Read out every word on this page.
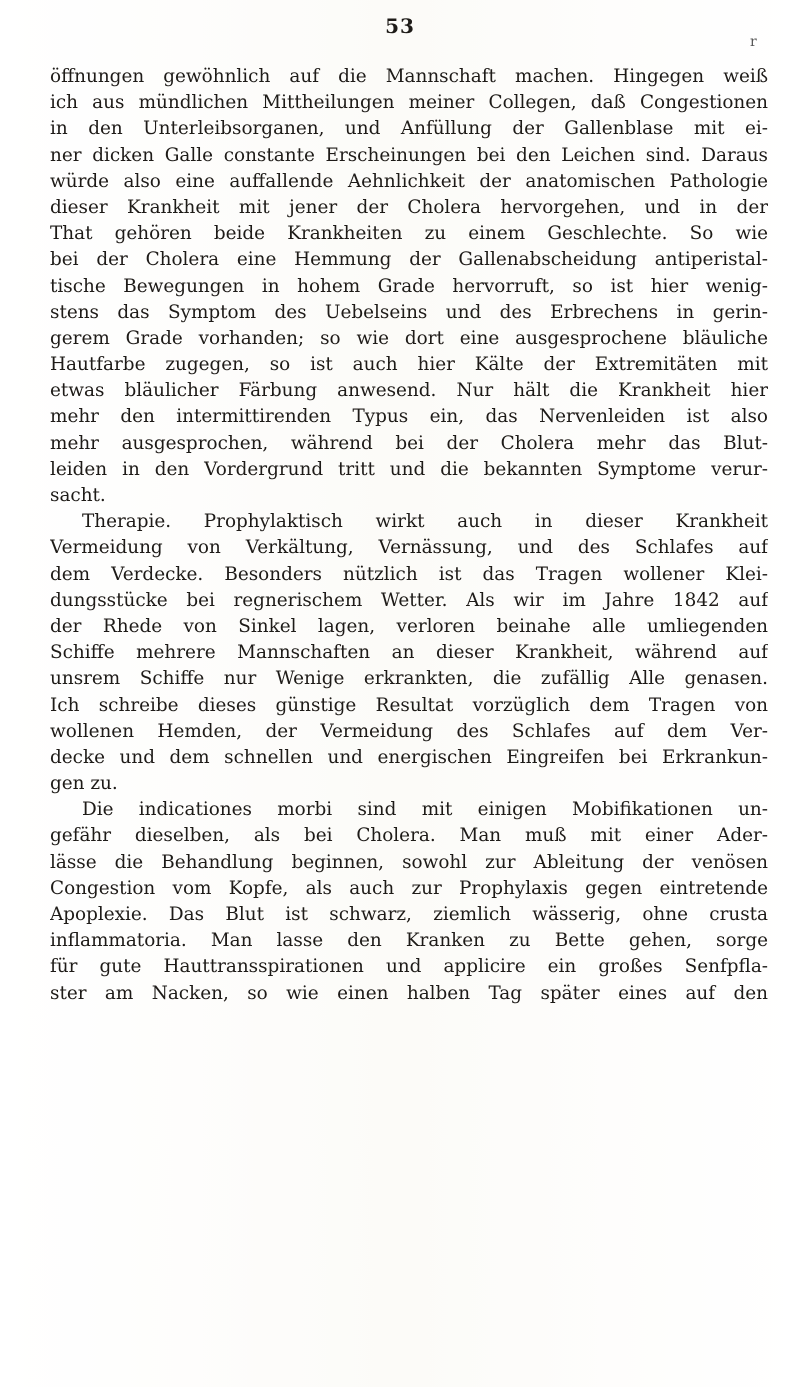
53
r
öffnungen gewöhnlich auf die Mannschaft machen. Hingegen weiß
ich aus mündlichen Mittheilungen meiner Collegen, daß Congestionen
in den Unterleibsorganen, und Anfüllung der Gallenblase mit ei-
ner dicken Galle constante Erscheinungen bei den Leichen sind. Daraus
würde also eine auffallende Aehnlichkeit der anatomischen Pathologie
dieser Krankheit mit jener der Cholera hervorgehen, und in der
That gehören beide Krankheiten zu einem Geschlechte. So wie
bei der Cholera eine Hemmung der Gallenabscheidung antiperistal-
tische Bewegungen in hohem Grade hervorruft, so ist hier wenig-
stens das Symptom des Uebelseins und des Erbrechens in gerin-
gerem Grade vorhanden; so wie dort eine ausgesprochene bläuliche
Hautfarbe zugegen, so ist auch hier Kälte der Extremitäten mit
etwas bläulicher Färbung anwesend. Nur hält die Krankheit hier
mehr den intermittirenden Typus ein, das Nervenleiden ist also
mehr ausgesprochen, während bei der Cholera mehr das Blut-
leiden in den Vordergrund tritt und die bekannten Symptome verur-
sacht.
Therapie. Prophylaktisch wirkt auch in dieser Krankheit
Vermeidung von Verkältung, Vernässung, und des Schlafes auf
dem Verdecke. Besonders nützlich ist das Tragen wollener Klei-
dungsstücke bei regnerischem Wetter. Als wir im Jahre 1842 auf
der Rhede von Sinkel lagen, verloren beinahe alle umliegenden
Schiffe mehrere Mannschaften an dieser Krankheit, während auf
unsrem Schiffe nur Wenige erkrankten, die zufällig Alle genasen.
Ich schreibe dieses günstige Resultat vorzüglich dem Tragen von
wollenen Hemden, der Vermeidung des Schlafes auf dem Ver-
decke und dem schnellen und energischen Eingreifen bei Erkrankun-
gen zu.
Die indicationes morbi sind mit einigen Mobifikationen un-
gefähr dieselben, als bei Cholera. Man muß mit einer Ader-
lässe die Behandlung beginnen, sowohl zur Ableitung der venösen
Congestion vom Kopfe, als auch zur Prophylaxis gegen eintretende
Apoplexie. Das Blut ist schwarz, ziemlich wässerig, ohne crusta
inflammatoria. Man lasse den Kranken zu Bette gehen, sorge
für gute Hauttransspirationen und applicire ein großes Senfpfla-
ster am Nacken, so wie einen halben Tag später eines auf den
